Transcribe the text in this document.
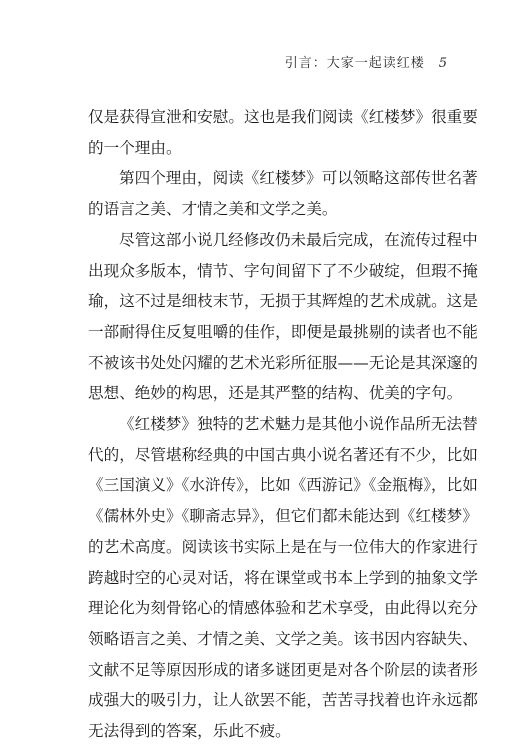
引言：大家一起读红楼 5
仅是获得宣泄和安慰。这也是我们阅读《红楼梦》很重要
的一个理由。
第四个理由，阅读《红楼梦》可以领略这部传世名著
的语言之美、才情之美和文学之美。
尽管这部小说几经修改仍未最后完成，在流传过程中
出现众多版本，情节、字句间留下了不少破绽，但瑕不掩
瑜，这不过是细枝末节，无损于其辉煌的艺术成就。这是
一部耐得住反复咀嚼的佳作，即便是最挑剔的读者也不能
不被该书处处闪耀的艺术光彩所征服——无论是其深邃的
思想、绝妙的构思，还是其严整的结构、优美的字句。
《红楼梦》独特的艺术魅力是其他小说作品所无法替
代的，尽管堪称经典的中国古典小说名著还有不少，比如
《三国演义》《水浒传》，比如《西游记》《金瓶梅》，比如
《儒林外史》《聊斋志异》，但它们都未能达到《红楼梦》
的艺术高度。阅读该书实际上是在与一位伟大的作家进行
跨越时空的心灵对话，将在课堂或书本上学到的抽象文学
理论化为刻骨铭心的情感体验和艺术享受，由此得以充分
领略语言之美、才情之美、文学之美。该书因内容缺失、
文献不足等原因形成的诸多谜团更是对各个阶层的读者形
成强大的吸引力，让人欲罢不能，苦苦寻找着也许永远都
无法得到的答案，乐此不疲。
